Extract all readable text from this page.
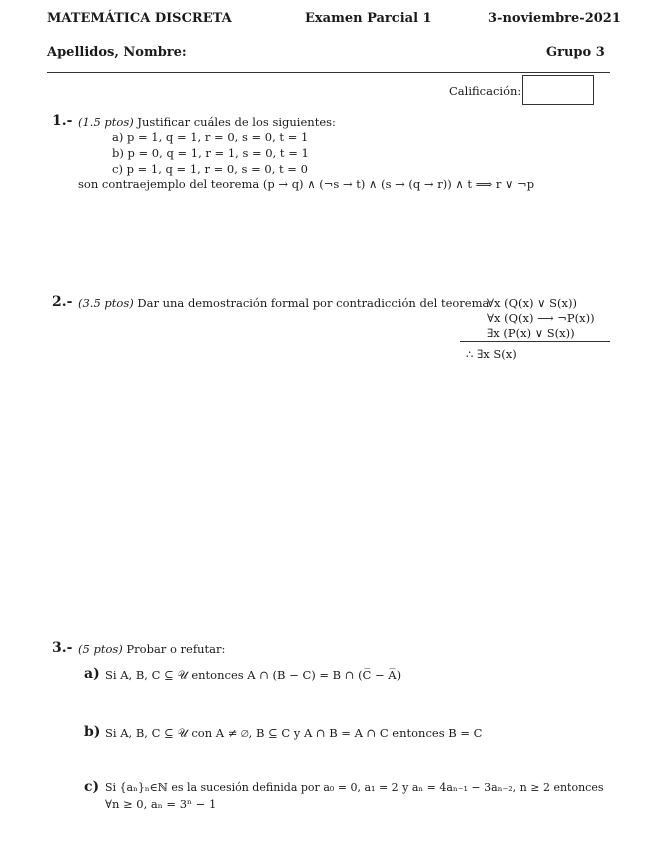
MATEMÁTICA DISCRETA	Examen Parcial 1	3-noviembre-2021
Apellidos, Nombre:	Grupo 3
Calificación:
1.- (1.5 ptos) Justificar cuáles de los siguientes:
a) p = 1, q = 1, r = 0, s = 0, t = 1
b) p = 0, q = 1, r = 1, s = 0, t = 1
c) p = 1, q = 1, r = 0, s = 0, t = 0
son contraejemplo del teorema (p → q) ∧ (¬s → t) ∧ (s → (q → r)) ∧ t ⟹ r ∨ ¬p
2.- (3.5 ptos) Dar una demostración formal por contradicción del teorema
∀x (Q(x) ∨ S(x))
∀x (Q(x) ⟶ ¬P(x))
∃x (P(x) ∨ S(x))
∴ ∃x S(x)
3.- (5 ptos) Probar o refutar:
a) Si A, B, C ⊆ 𝒰 entonces A ∩ (B − C) = B ∩ (C̅ − A̅)
b) Si A, B, C ⊆ 𝒰 con A ≠ ∅, B ⊆ C y A ∩ B = A ∩ C entonces B = C
c) Si {aₙ}ₙ∈ℕ es la sucesión definida por a₀ = 0, a₁ = 2 y aₙ = 4aₙ₋₁ − 3aₙ₋₂, n ≥ 2 entonces
∀n ≥ 0, aₙ = 3ⁿ − 1
